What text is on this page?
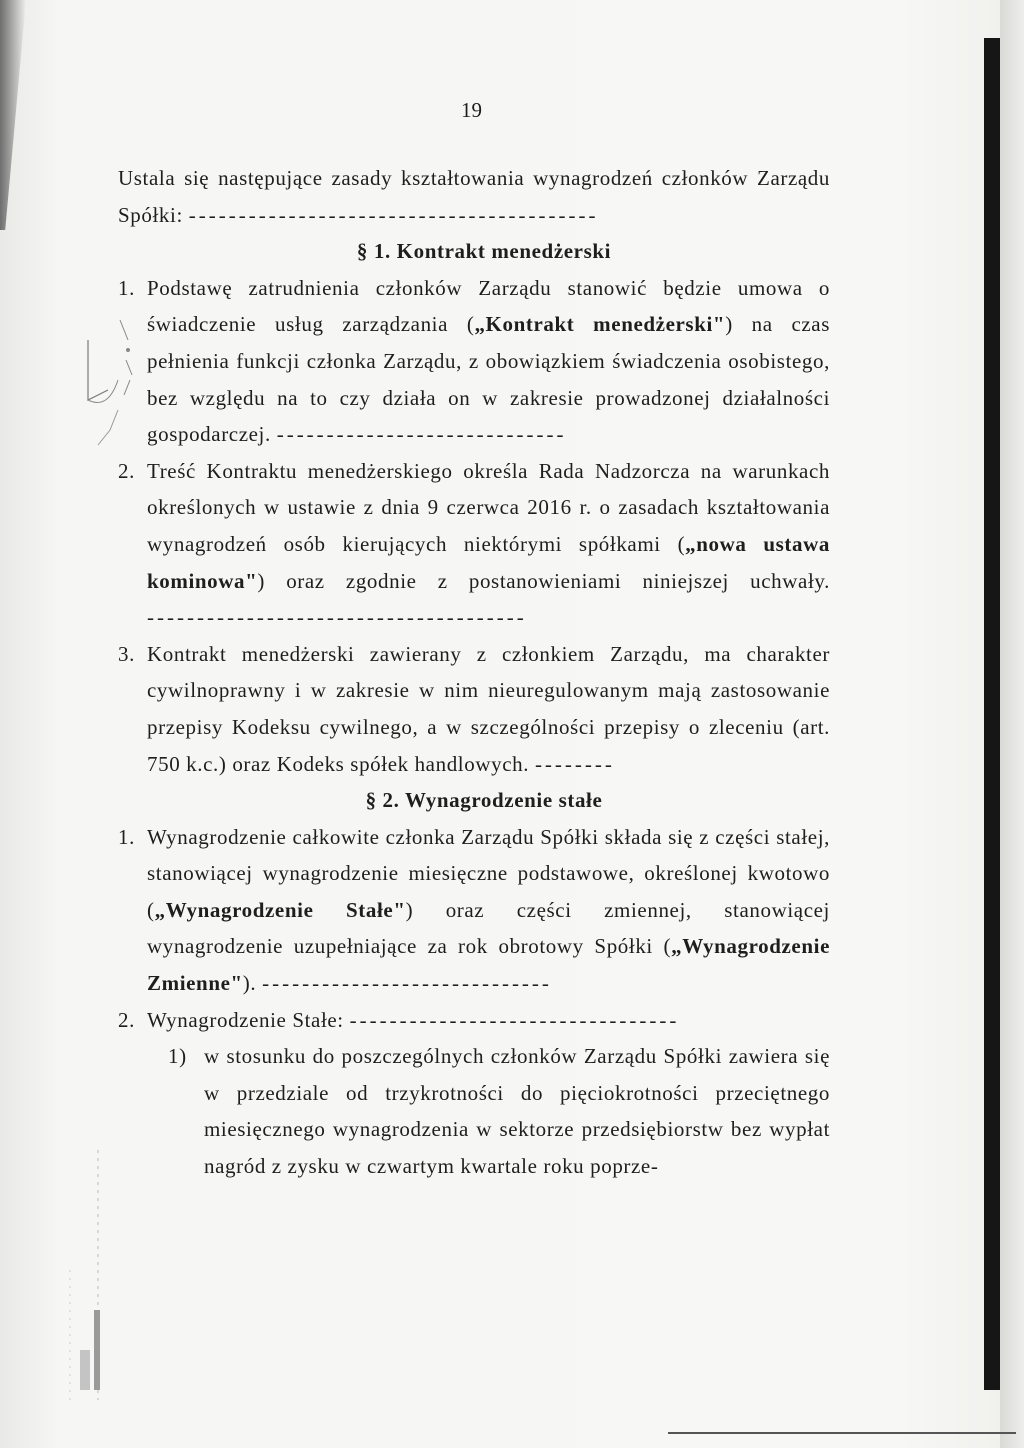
19

Ustala się następujące zasady kształtowania wynagrodzeń członków Zarządu Spółki: -----------------------------------------

§ 1. Kontrakt menedżerski

1. Podstawę zatrudnienia członków Zarządu stanowić będzie umowa o świadczenie usług zarządzania („Kontrakt menedżerski") na czas pełnienia funkcji członka Zarządu, z obowiązkiem świadczenia osobistego, bez względu na to czy działa on w zakresie prowadzonej działalności gospodarczej. -----------------------------

2. Treść Kontraktu menedżerskiego określa Rada Nadzorcza na warunkach określonych w ustawie z dnia 9 czerwca 2016 r. o zasadach kształtowania wynagrodzeń osób kierujących niektórymi spółkami („nowa ustawa kominowa") oraz zgodnie z postanowieniami niniejszej uchwały. --------------------------------------

3. Kontrakt menedżerski zawierany z członkiem Zarządu, ma charakter cywilnoprawny i w zakresie w nim nieuregulowanym mają zastosowanie przepisy Kodeksu cywilnego, a w szczególności przepisy o zleceniu (art. 750 k.c.) oraz Kodeks spółek handlowych. --------

§ 2. Wynagrodzenie stałe

1. Wynagrodzenie całkowite członka Zarządu Spółki składa się z części stałej, stanowiącej wynagrodzenie miesięczne podstawowe, określonej kwotowo („Wynagrodzenie Stałe") oraz części zmiennej, stanowiącej wynagrodzenie uzupełniające za rok obrotowy Spółki („Wynagrodzenie Zmienne"). -----------------------------

2. Wynagrodzenie Stałe: ---------------------------------

1) w stosunku do poszczególnych członków Zarządu Spółki zawiera się w przedziale od trzykrotności do pięciokrotności przeciętnego miesięcznego wynagrodzenia w sektorze przedsiębiorstw bez wypłat nagród z zysku w czwartym kwartale roku poprze-
